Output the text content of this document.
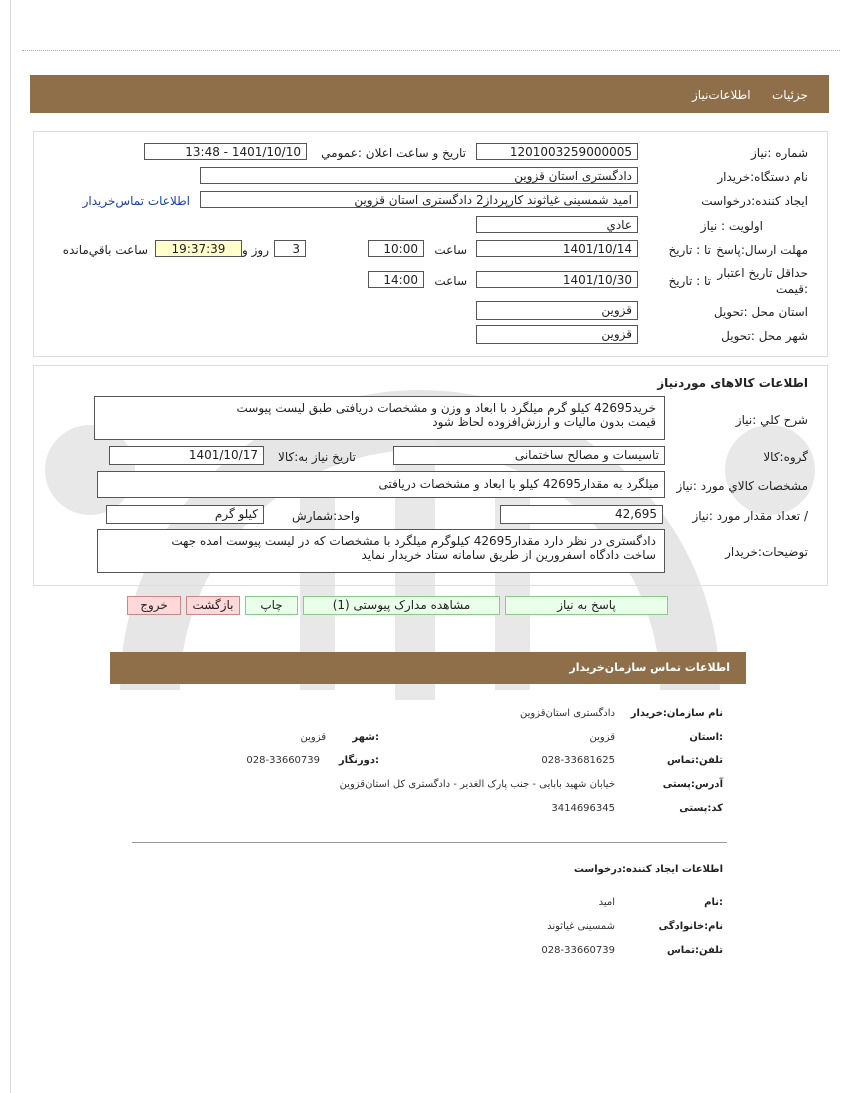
جزئیات
اطلاعات‌نیاز
شماره :نیاز
1201003259000005
تاریخ و ساعت اعلان :عمومي
1401/10/10 - 13:48
نام دستگاه:خریدار
دادگستری استان قزوین
ایجاد کننده:درخواست
امید شمسینی غیاثوند کارپرداز2 دادگستری استان قزوین
اطلاعات تماس‌خریدار
اولویت : نیاز
عادي
مهلت ارسال:پاسخ
تا : تاریخ
1401/10/14
ساعت
10:00
3
روز و
19:37:39
ساعت باقي‌مانده
حداقل تاریخ اعتبار
:قیمت
تا : تاریخ
1401/10/30
ساعت
14:00
استان محل :تحویل
قزوین
شهر محل :تحویل
قزوین
اطلاعات کالاهای موردنیاز
شرح کلي :نیاز
خرید42695 کیلو گرم میلگرد با ابعاد و وزن و مشخصات دریافتی طبق لیست پیوست
قیمت بدون مالیات و ارزش‌افزوده لحاظ شود
گروه:کالا
تاسیسات و مصالح ساختمانی
تاریخ نیاز به:کالا
1401/10/17
مشخصات کالاي مورد :نیاز
میلگرد به مقدار42695 کیلو با ابعاد و مشخصات دریافتی
/ تعداد مقدار مورد :نیاز
42,695
واحد:شمارش
کیلو گرم
توضیحات:خریدار
دادگستری در نظر دارد مقدار42695 کیلوگرم میلگرد با مشخصات که در لیست پیوست امده جهت
ساخت دادگاه اسفرورین از طریق سامانه ستاد خریدار نماید
پاسخ به نیاز
مشاهده مدارک پیوستی (1)
چاپ
بازگشت
خروج
اطلاعات تماس سازمان‌خریدار
نام سازمان:خریدار
دادگستری استان‌قزوین
:استان
قزوین
:شهر
قزوین
تلفن:تماس
028-33681625
:دورنگار
028-33660739
آدرس:پستی
خیابان شهید بابایی - جنب پارک الغدیر - دادگستری کل استان‌قزوین
کد:پستی
3414696345
اطلاعات ایجاد کننده:درخواست
:نام
امید
نام:خانوادگی
شمسینی غیاثوند
تلفن:تماس
028-33660739
